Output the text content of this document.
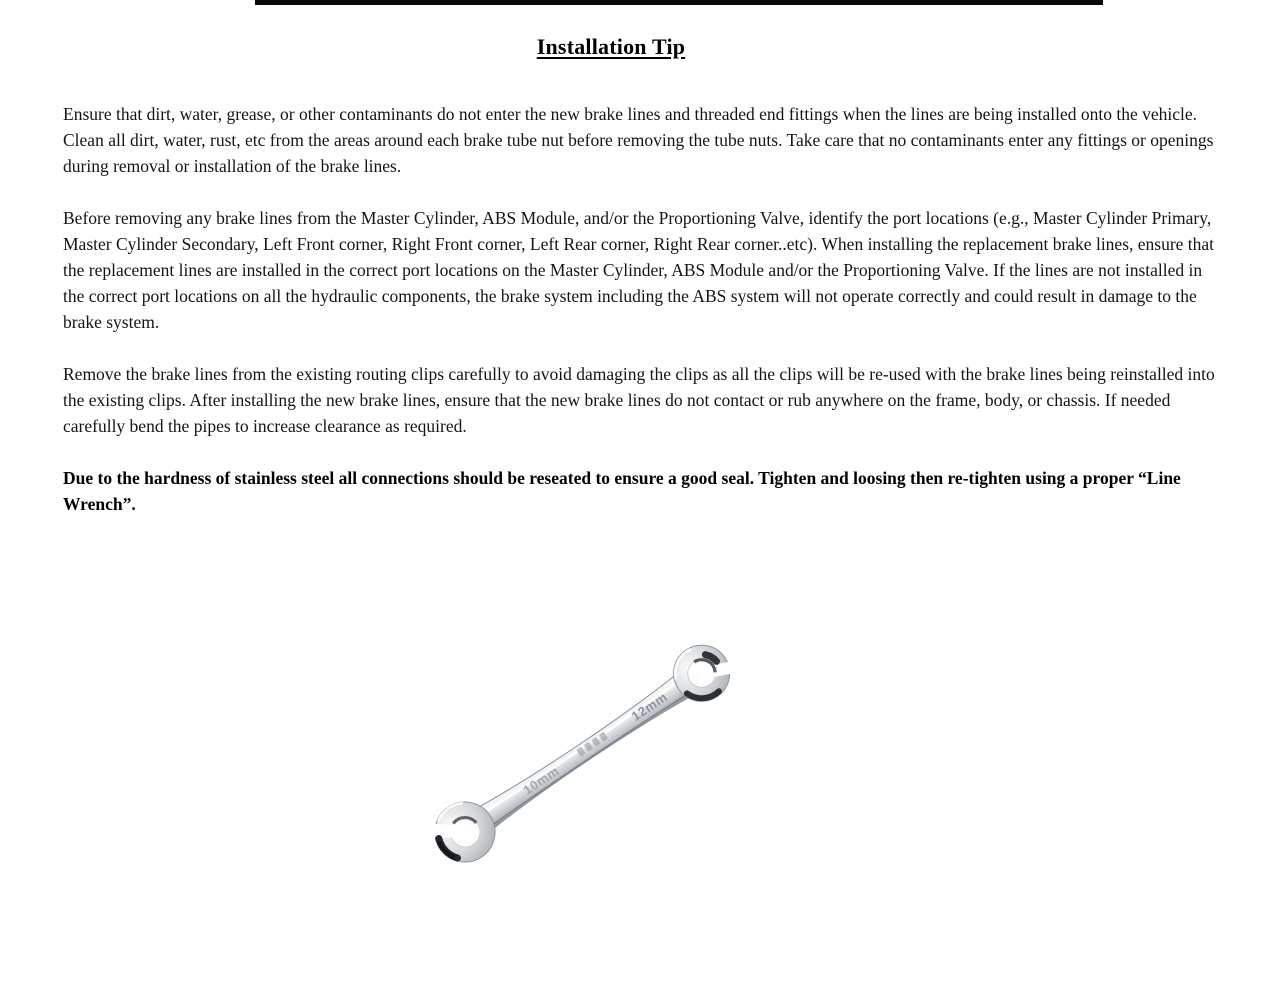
Installation Tip

Ensure that dirt, water, grease, or other contaminants do not enter the new brake lines and threaded end fittings when the lines are being installed onto the vehicle. Clean all dirt, water, rust, etc from the areas around each brake tube nut before removing the tube nuts. Take care that no contaminants enter any fittings or openings during removal or installation of the brake lines.

Before removing any brake lines from the Master Cylinder, ABS Module, and/or the Proportioning Valve, identify the port locations (e.g., Master Cylinder Primary, Master Cylinder Secondary, Left Front corner, Right Front corner, Left Rear corner, Right Rear corner..etc). When installing the replacement brake lines, ensure that the replacement lines are installed in the correct port locations on the Master Cylinder, ABS Module and/or the Proportioning Valve. If the lines are not installed in the correct port locations on all the hydraulic components, the brake system including the ABS system will not operate correctly and could result in damage to the brake system.

Remove the brake lines from the existing routing clips carefully to avoid damaging the clips as all the clips will be re-used with the brake lines being reinstalled into the existing clips. After installing the new brake lines, ensure that the new brake lines do not contact or rub anywhere on the frame, body, or chassis. If needed carefully bend the pipes to increase clearance as required.

Due to the hardness of stainless steel all connections should be reseated to ensure a good seal. Tighten and loosing then re-tighten using a proper “Line Wrench”.

10mm
12mm
